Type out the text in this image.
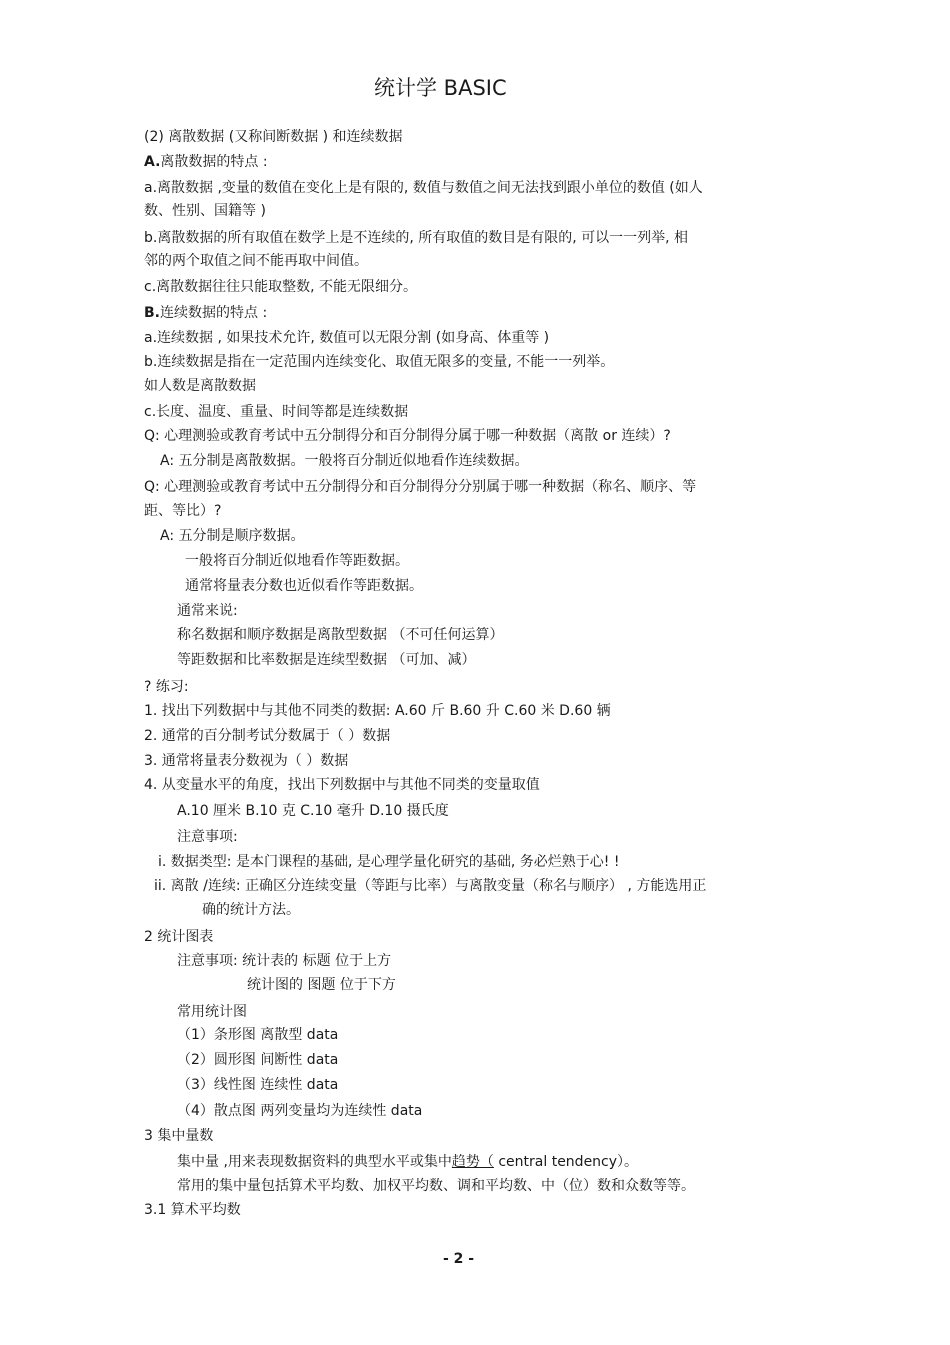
统计学 BASIC
(2) 离散数据 (又称间断数据 ) 和连续数据
A.离散数据的特点 :
a.离散数据 ,变量的数值在变化上是有限的, 数值与数值之间无法找到跟小单位的数值 (如人
数、性别、国籍等 )
b.离散数据的所有取值在数学上是不连续的, 所有取值的数目是有限的, 可以一一列举, 相
邻的两个取值之间不能再取中间值。
c.离散数据往往只能取整数, 不能无限细分。
B.连续数据的特点 :
a.连续数据 , 如果技术允许, 数值可以无限分割 (如身高、体重等 )
b.连续数据是指在一定范围内连续变化、取值无限多的变量, 不能一一列举。
如人数是离散数据
c.长度、温度、重量、时间等都是连续数据
Q: 心理测验或教育考试中五分制得分和百分制得分属于哪一种数据（离散 or 连续）?
A: 五分制是离散数据。一般将百分制近似地看作连续数据。
Q: 心理测验或教育考试中五分制得分和百分制得分分别属于哪一种数据（称名、顺序、等
距、等比）?
A: 五分制是顺序数据。
一般将百分制近似地看作等距数据。
通常将量表分数也近似看作等距数据。
通常来说:
称名数据和顺序数据是离散型数据 （不可任何运算）
等距数据和比率数据是连续型数据 （可加、减）
? 练习:
1. 找出下列数据中与其他不同类的数据: A.60 斤 B.60 升 C.60 米 D.60 辆
2. 通常的百分制考试分数属于（ ）数据
3. 通常将量表分数视为（ ）数据
4. 从变量水平的角度，找出下列数据中与其他不同类的变量取值
A.10 厘米 B.10 克 C.10 毫升 D.10 摄氏度
注意事项:
i. 数据类型: 是本门课程的基础, 是心理学量化研究的基础, 务必烂熟于心! !
ii. 离散 /连续: 正确区分连续变量（等距与比率）与离散变量（称名与顺序） , 方能选用正
确的统计方法。
2 统计图表
注意事项: 统计表的 标题 位于上方
统计图的 图题 位于下方
常用统计图
（1）条形图 离散型 data
（2）圆形图 间断性 data
（3）线性图 连续性 data
（4）散点图 两列变量均为连续性 data
3 集中量数
集中量 ,用来表现数据资料的典型水平或集中趋势（ central tendency）。
常用的集中量包括算术平均数、加权平均数、调和平均数、中（位）数和众数等等。
3.1 算术平均数
- 2 -
